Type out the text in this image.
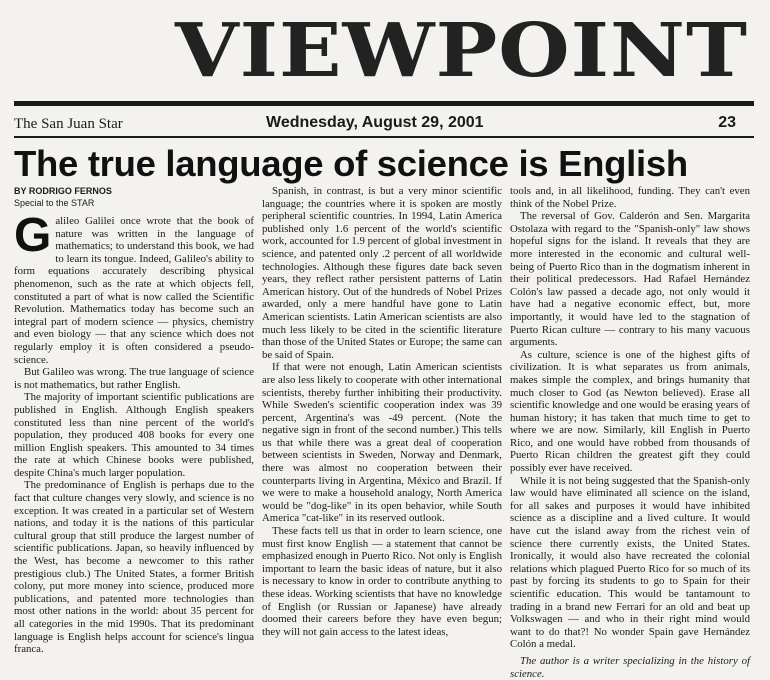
VIEWPOINT
The San Juan Star	Wednesday, August 29, 2001	23
The true language of science is English
BY RODRIGO FERNOS
Special to the STAR
G alileo Galilei once wrote that the book of nature was written in the language of mathematics; to understand this book, we had to learn its tongue. Indeed, Galileo's ability to form equations accurately describing physical phenomenon, such as the rate at which objects fell, constituted a part of what is now called the Scientific Revolution. Mathematics today has become such an integral part of modern science — physics, chemistry and even biology — that any science which does not regularly employ it is often considered a pseudo-science.

But Galileo was wrong. The true language of science is not mathematics, but rather English.

The majority of important scientific publications are published in English. Although English speakers constituted less than nine percent of the world's population, they produced 408 books for every one million English speakers. This amounted to 34 times the rate at which Chinese books were published, despite China's much larger population.

The predominance of English is perhaps due to the fact that culture changes very slowly, and science is no exception. It was created in a particular set of Western nations, and today it is the nations of this particular cultural group that still produce the largest number of scientific publications. Japan, so heavily influenced by the West, has become a newcomer to this rather prestigious club.) The United States, a former British colony, put more money into science, produced more publications, and patented more technologies than most other nations in the world: about 35 percent for all categories in the mid 1990s. That its predominant language is English helps account for science's lingua franca.

Spanish, in contrast, is but a very minor scientific language; the countries where it is spoken are mostly peripheral scientific countries. In 1994, Latin America published only 1.6 percent of the world's scientific work, accounted for 1.9 percent of global investment in science, and patented only .2 percent of all worldwide technologies. Although these figures date back seven years, they reflect rather persistent patterns of Latin American history. Out of the hundreds of Nobel Prizes awarded, only a mere handful have gone to Latin American scientists. Latin American scientists are also much less likely to be cited in the scientific literature than those of the United States or Europe; the same can be said of Spain.

If that were not enough, Latin American scientists are also less likely to cooperate with other international scientists, thereby further inhibiting their productivity. While Sweden's scientific cooperation index was 39 percent, Argentina's was -49 percent. (Note the negative sign in front of the second number.) This tells us that while there was a great deal of cooperation between scientists in Sweden, Norway and Denmark, there was almost no cooperation between their counterparts living in Argentina, México and Brazil. If we were to make a household analogy, North America would be "dog-like" in its open behavior, while South America "cat-like" in its reserved outlook.

These facts tell us that in order to learn science, one must first know English — a statement that cannot be emphasized enough in Puerto Rico. Not only is English important to learn the basic ideas of nature, but it also is necessary to know in order to contribute anything to these ideas. Working scientists that have no knowledge of English (or Russian or Japanese) have already doomed their careers before they have even begun; they will not gain access to the latest ideas,

tools and, in all likelihood, funding. They can't even think of the Nobel Prize.

The reversal of Gov. Calderón and Sen. Margarita Ostolaza with regard to the "Spanish-only" law shows hopeful signs for the island. It reveals that they are more interested in the economic and cultural well-being of Puerto Rico than in the dogmatism inherent in their political predecessors. Had Rafael Hernández Colón's law passed a decade ago, not only would it have had a negative economic effect, but, more importantly, it would have led to the stagnation of Puerto Rican culture — contrary to his many vacuous arguments.

As culture, science is one of the highest gifts of civilization. It is what separates us from animals, makes simple the complex, and brings humanity that much closer to God (as Newton believed). Erase all scientific knowledge and one would be erasing years of human history; it has taken that much time to get to where we are now. Similarly, kill English in Puerto Rico, and one would have robbed from thousands of Puerto Rican children the greatest gift they could possibly ever have received.

While it is not being suggested that the Spanish-only law would have eliminated all science on the island, for all sakes and purposes it would have inhibited science as a discipline and a lived culture. It would have cut the island away from the richest vein of science there currently exists, the United States. Ironically, it would also have recreated the colonial relations which plagued Puerto Rico for so much of its past by forcing its students to go to Spain for their scientific education. This would be tantamount to trading in a brand new Ferrari for an old and beat up Volkswagen — and who in their right mind would want to do that?! No wonder Spain gave Hernández Colón a medal.

The author is a writer specializing in the history of science.
